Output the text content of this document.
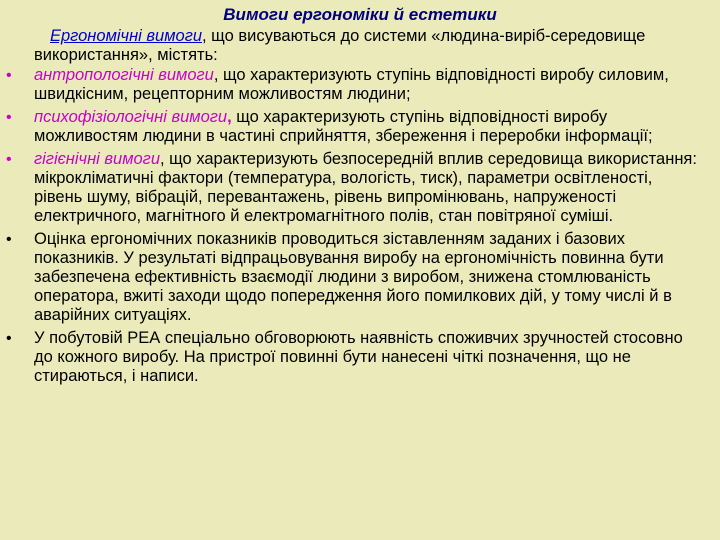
Вимоги ергономіки й естетики
Ергономічні вимоги, що висуваються до системи «людина-виріб-середовище використання», містять:
• антропологічні вимоги, що характеризують ступінь відповідності виробу силовим, швидкісним, рецепторним можливостям людини;
• психофізіологічні вимоги, що характеризують ступінь відповідності виробу можливостям людини в частині сприйняття, збереження і переробки інформації;
• гігієнічні вимоги, що характеризують безпосередній вплив середовища використання: мікрокліматичні фактори (температура, вологість, тиск), параметри освітленості, рівень шуму, вібрацій, перевантажень, рівень випромінювань, напруженості електричного, магнітного й електромагнітного полів, стан повітряної суміші.
• Оцінка ергономічних показників проводиться зіставленням заданих і базових показників. У результаті відпрацьовування виробу на ергономічність повинна бути забезпечена ефективність взаємодії людини з виробом, знижена стомлюваність оператора, вжиті заходи щодо попередження його помилкових дій, у тому числі й в аварійних ситуаціях.
• У побутовій РЕА спеціально обговорюють наявність споживчих зручностей стосовно до кожного виробу. На пристрої повинні бути нанесені чіткі позначення, що не стираються, і написи.
